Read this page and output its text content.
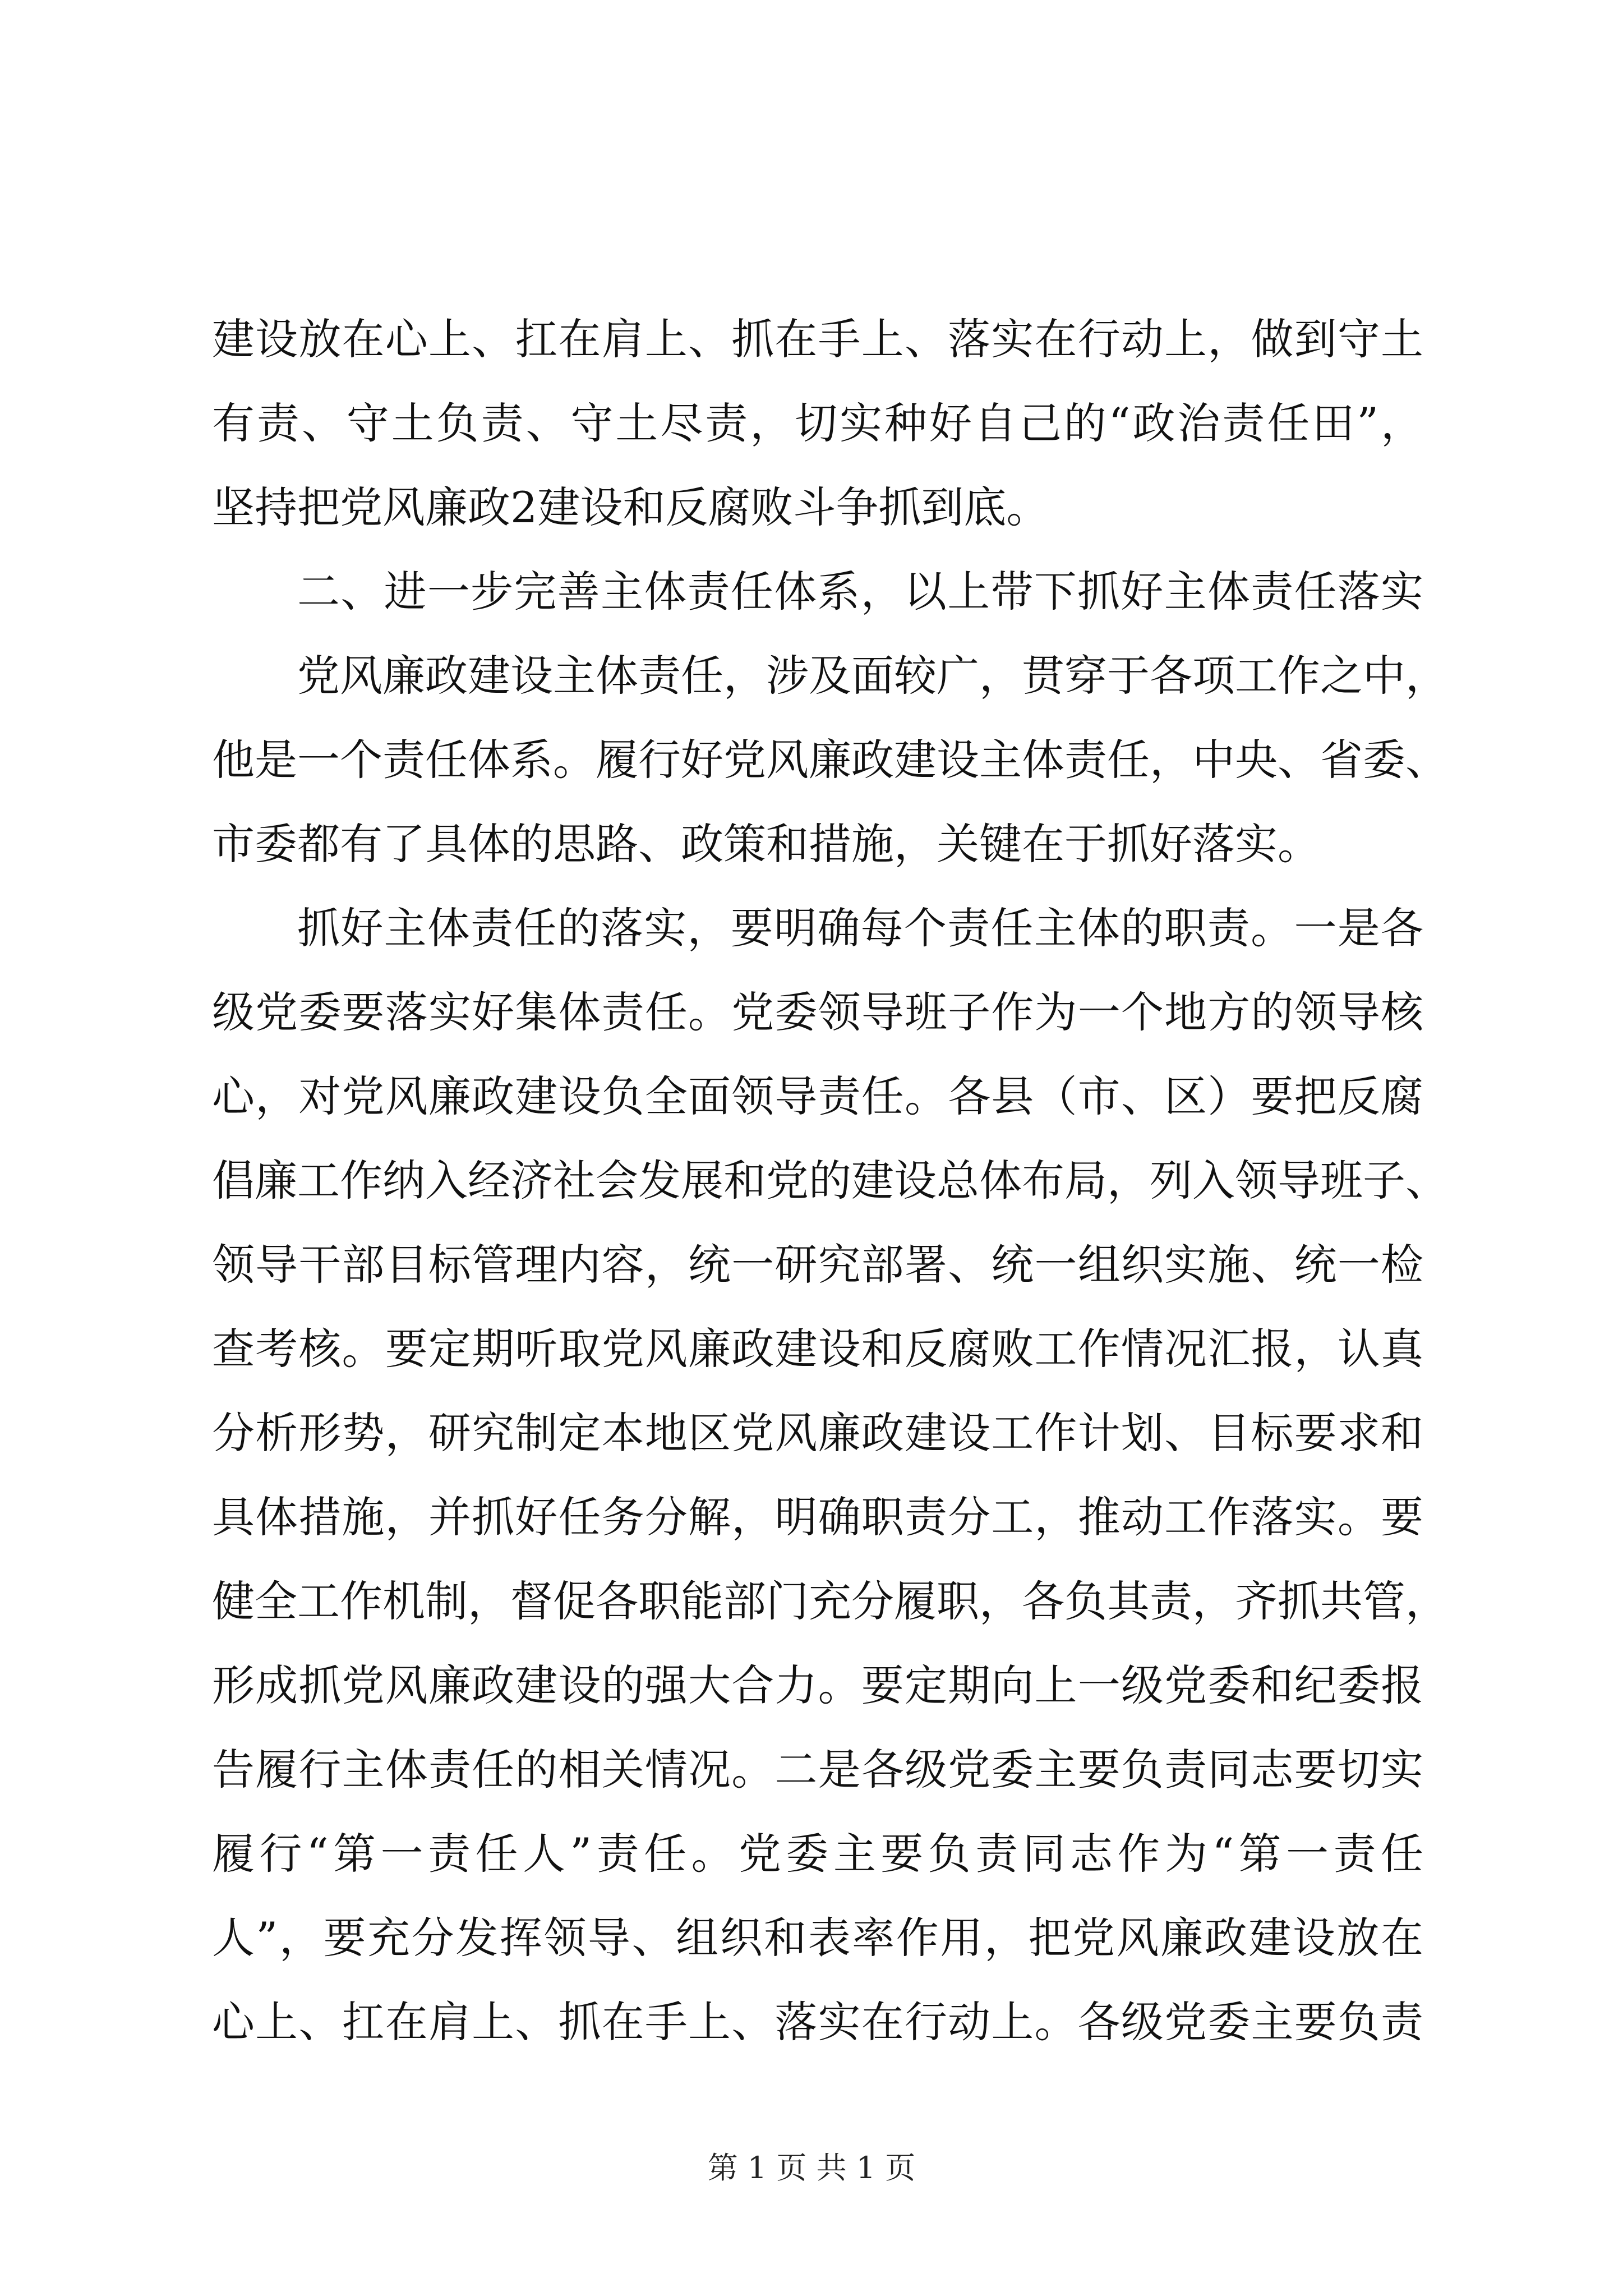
建设放在心上、扛在肩上、抓在手上、落实在行动上，做到守土
有责、守土负责、守土尽责，切实种好自己的“政治责任田”，
坚持把党风廉政2建设和反腐败斗争抓到底。
二、进一步完善主体责任体系，以上带下抓好主体责任落实
党风廉政建设主体责任，涉及面较广，贯穿于各项工作之中，
他是一个责任体系。履行好党风廉政建设主体责任，中央、省委、
市委都有了具体的思路、政策和措施，关键在于抓好落实。
抓好主体责任的落实，要明确每个责任主体的职责。一是各
级党委要落实好集体责任。党委领导班子作为一个地方的领导核
心，对党风廉政建设负全面领导责任。各县（市、区）要把反腐
倡廉工作纳入经济社会发展和党的建设总体布局，列入领导班子、
领导干部目标管理内容，统一研究部署、统一组织实施、统一检
查考核。要定期听取党风廉政建设和反腐败工作情况汇报，认真
分析形势，研究制定本地区党风廉政建设工作计划、目标要求和
具体措施，并抓好任务分解，明确职责分工，推动工作落实。要
健全工作机制，督促各职能部门充分履职，各负其责，齐抓共管，
形成抓党风廉政建设的强大合力。要定期向上一级党委和纪委报
告履行主体责任的相关情况。二是各级党委主要负责同志要切实
履行“第一责任人”责任。党委主要负责同志作为“第一责任
人”，要充分发挥领导、组织和表率作用，把党风廉政建设放在
心上、扛在肩上、抓在手上、落实在行动上。各级党委主要负责
第 1 页 共 1 页
